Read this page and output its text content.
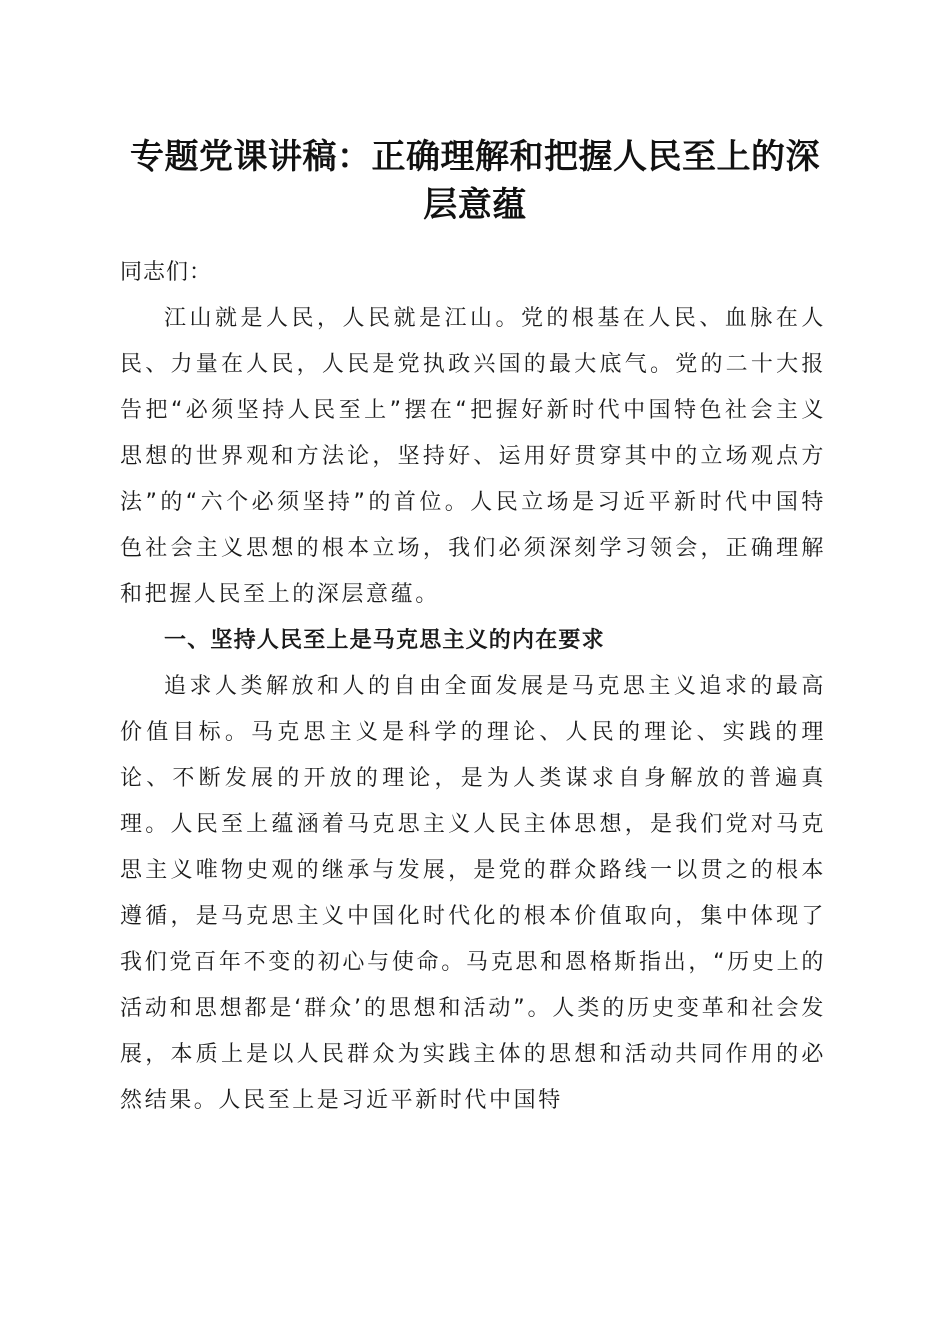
专题党课讲稿：正确理解和把握人民至上的深
层意蕴

同志们：

江山就是人民，人民就是江山。党的根基在人民、血脉在人民、力量在人民，人民是党执政兴国的最大底气。党的二十大报告把“必须坚持人民至上”摆在“把握好新时代中国特色社会主义思想的世界观和方法论，坚持好、运用好贯穿其中的立场观点方法”的“六个必须坚持”的首位。人民立场是习近平新时代中国特色社会主义思想的根本立场，我们必须深刻学习领会，正确理解和把握人民至上的深层意蕴。

一、坚持人民至上是马克思主义的内在要求

追求人类解放和人的自由全面发展是马克思主义追求的最高价值目标。马克思主义是科学的理论、人民的理论、实践的理论、不断发展的开放的理论，是为人类谋求自身解放的普遍真理。人民至上蕴涵着马克思主义人民主体思想，是我们党对马克思主义唯物史观的继承与发展，是党的群众路线一以贯之的根本遵循，是马克思主义中国化时代化的根本价值取向，集中体现了我们党百年不变的初心与使命。马克思和恩格斯指出，“历史上的活动和思想都是‘群众’的思想和活动”。人类的历史变革和社会发展，本质上是以人民群众为实践主体的思想和活动共同作用的必然结果。人民至上是习近平新时代中国特
